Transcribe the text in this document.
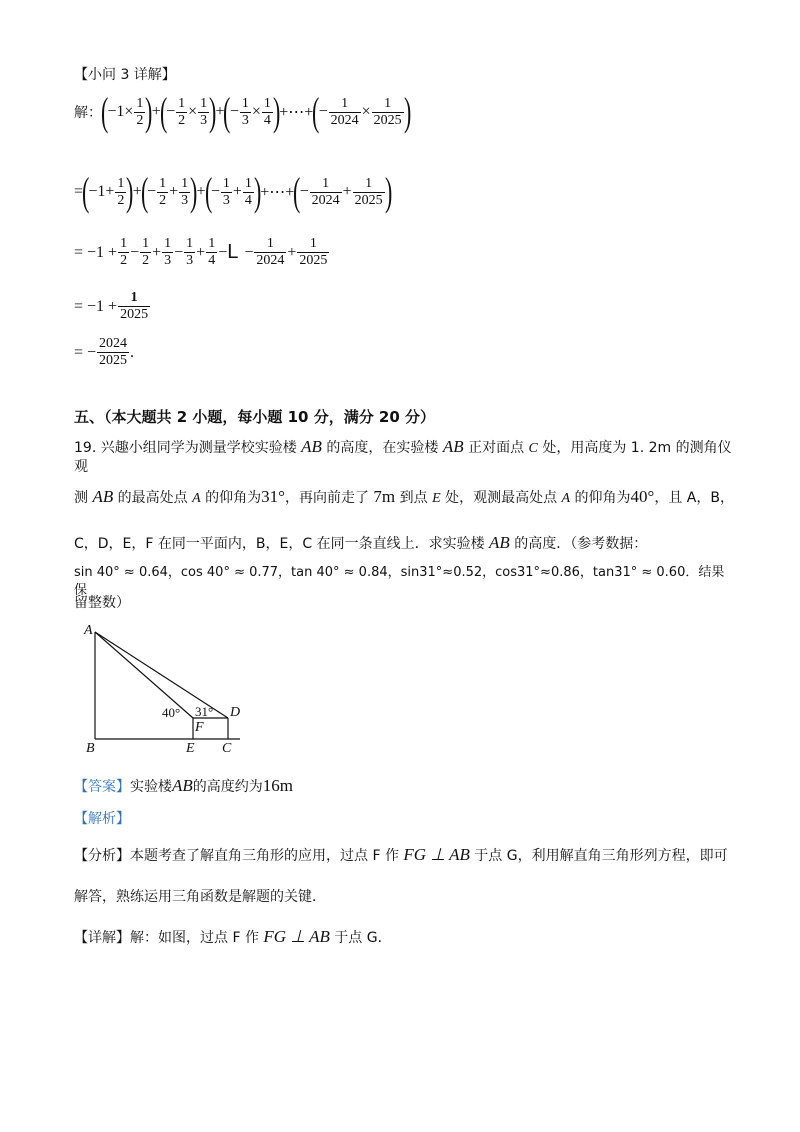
【小问 3 详解】
解：
(
$-1\times \frac{1}{2}$ )
+
(
− $\frac{1}{2} \times \frac{1}{3}$ )
+
(
− $\frac{1}{3} \times \frac{1}{4}$ )
+⋯+
(
− $\frac{1}{2024} \times \frac{1}{2025}$ )
=
(
$-1+ \frac{1}{2}$ )
+
(
− $\frac{1}{2} + \frac{1}{3}$ )
+
(
− $\frac{1}{3} + \frac{1}{4}$ )
+⋯+
(
− $\frac{1}{2024} + \frac{1}{2025}$ )
= $-1 + \frac{1}{2} - \frac{1}{2} + \frac{1}{3} - \frac{1}{3} + \frac{1}{4} - L - \frac{1}{2024} + \frac{1}{2025}$
= $-1 + \frac{1}{2025}$
= − $\frac{2024}{2025}$ .
五、（本大题共 2 小题，每小题 10 分，满分 20 分）
19. 兴趣小组同学为测量学校实验楼 AB 的高度，在实验楼 AB 正对面点 C 处，用高度为 1. 2m 的测角仪观
测 AB 的最高处点 A 的仰角为31°，再向前走了 7m 到点 E 处，观测最高处点 A 的仰角为40°，且 A，B，
C，D，E，F 在同一平面内，B，E，C 在同一条直线上．求实验楼 AB 的高度．（参考数据：
sin 40° ≈ 0.64，cos 40° ≈ 0.77，tan 40° ≈ 0.84，sin31°≈0.52，cos31°≈0.86，tan31° ≈ 0.60．结果保
留整数）
A
B	C
D
E
F
40° 31°
【答案】 实验楼 AB 的高度约为 16m
【解析】
【分析】本题考查了解直角三角形的应用，过点 F 作 FG ⊥ AB 于点 G，利用解直角三角形列方程，即可
解答，熟练运用三角函数是解题的关键．
【详解】解：如图，过点 F 作 FG ⊥ AB 于点 G．
